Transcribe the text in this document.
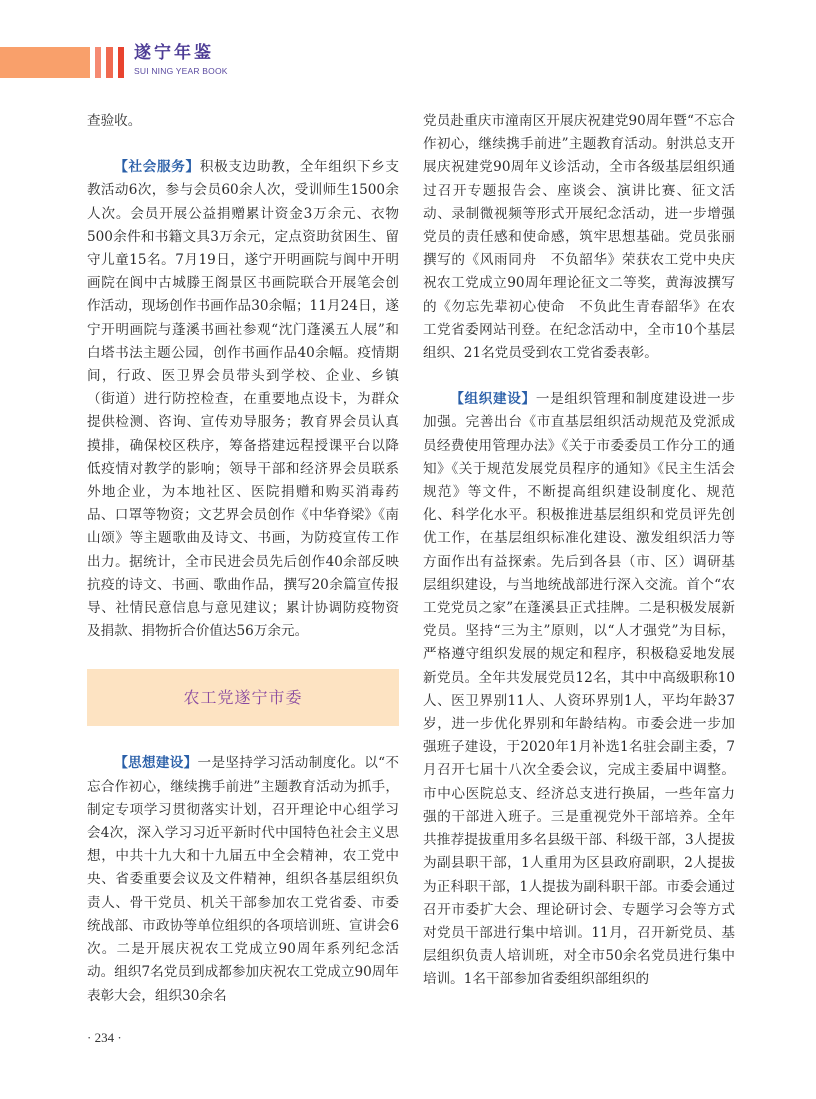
遂宁年鉴
SUI NING YEAR BOOK

查验收。

【社会服务】积极支边助教，全年组织下乡支教活动6次，参与会员60余人次，受训师生1500余人次。会员开展公益捐赠累计资金3万余元、衣物500余件和书籍文具3万余元，定点资助贫困生、留守儿童15名。7月19日，遂宁开明画院与阆中开明画院在阆中古城滕王阁景区书画院联合开展笔会创作活动，现场创作书画作品30余幅；11月24日，遂宁开明画院与蓬溪书画社参观“沈门蓬溪五人展”和白塔书法主题公园，创作书画作品40余幅。疫情期间，行政、医卫界会员带头到学校、企业、乡镇（街道）进行防控检查，在重要地点设卡，为群众提供检测、咨询、宣传劝导服务；教育界会员认真摸排，确保校区秩序，筹备搭建远程授课平台以降低疫情对教学的影响；领导干部和经济界会员联系外地企业，为本地社区、医院捐赠和购买消毒药品、口罩等物资；文艺界会员创作《中华脊梁》《南山颂》等主题歌曲及诗文、书画，为防疫宣传工作出力。据统计，全市民进会员先后创作40余部反映抗疫的诗文、书画、歌曲作品，撰写20余篇宣传报导、社情民意信息与意见建议；累计协调防疫物资及捐款、捐物折合价值达56万余元。

农工党遂宁市委

【思想建设】一是坚持学习活动制度化。以“不忘合作初心，继续携手前进”主题教育活动为抓手，制定专项学习贯彻落实计划，召开理论中心组学习会4次，深入学习习近平新时代中国特色社会主义思想，中共十九大和十九届五中全会精神，农工党中央、省委重要会议及文件精神，组织各基层组织负责人、骨干党员、机关干部参加农工党省委、市委统战部、市政协等单位组织的各项培训班、宣讲会6次。二是开展庆祝农工党成立90周年系列纪念活动。组织7名党员到成都参加庆祝农工党成立90周年表彰大会，组织30余名

党员赴重庆市潼南区开展庆祝建党90周年暨“不忘合作初心，继续携手前进”主题教育活动。射洪总支开展庆祝建党90周年义诊活动，全市各级基层组织通过召开专题报告会、座谈会、演讲比赛、征文活动、录制微视频等形式开展纪念活动，进一步增强党员的责任感和使命感，筑牢思想基础。党员张丽撰写的《风雨同舟　不负韶华》荣获农工党中央庆祝农工党成立90周年理论征文二等奖，黄海波撰写的《勿忘先辈初心使命　不负此生青春韶华》在农工党省委网站刊登。在纪念活动中，全市10个基层组织、21名党员受到农工党省委表彰。

【组织建设】一是组织管理和制度建设进一步加强。完善出台《市直基层组织活动规范及党派成员经费使用管理办法》《关于市委委员工作分工的通知》《关于规范发展党员程序的通知》《民主生活会规范》等文件，不断提高组织建设制度化、规范化、科学化水平。积极推进基层组织和党员评先创优工作，在基层组织标准化建设、激发组织活力等方面作出有益探索。先后到各县（市、区）调研基层组织建设，与当地统战部进行深入交流。首个“农工党党员之家”在蓬溪县正式挂牌。二是积极发展新党员。坚持“三为主”原则，以“人才强党”为目标，严格遵守组织发展的规定和程序，积极稳妥地发展新党员。全年共发展党员12名，其中中高级职称10人、医卫界别11人、人资环界别1人，平均年龄37岁，进一步优化界别和年龄结构。市委会进一步加强班子建设，于2020年1月补选1名驻会副主委，7月召开七届十八次全委会议，完成主委届中调整。市中心医院总支、经济总支进行换届，一些年富力强的干部进入班子。三是重视党外干部培养。全年共推荐提拔重用多名县级干部、科级干部，3人提拔为副县职干部，1人重用为区县政府副职，2人提拔为正科职干部，1人提拔为副科职干部。市委会通过召开市委扩大会、理论研讨会、专题学习会等方式对党员干部进行集中培训。11月，召开新党员、基层组织负责人培训班，对全市50余名党员进行集中培训。1名干部参加省委组织部组织的

· 234 ·
